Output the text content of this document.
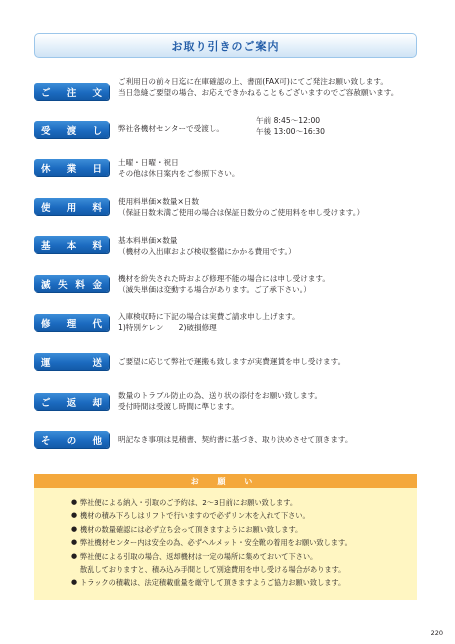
お取り引きのご案内
ご 注 文
ご利用日の前々日迄に在庫確認の上、書面(FAX可)にてご発注お願い致します。
当日急縫ご要望の場合、お応えできかねることもございますのでご容赦願います。
受 渡 し 弊社各機材センターで受渡し。
午前 8:45～12:00
午後 13:00～16:30
休 業 日
土曜・日曜・祝日
その他は休日案内をご参照下さい。
使 用 料
使用料単価×数量×日数
（保証日数未満ご使用の場合は保証日数分のご使用料を申し受けます。）
基 本 料 基本料単価×数量
（機材の入出庫および検収整備にかかる費用です。）
滅 失 料 金
機材を紛失された時および修理不能の場合には申し受けます。
（滅失単価は変動する場合があります。ご了承下さい。）
修 理 代
入庫検収時に下記の場合は実費ご請求申し上げます。
1)特別ケレン　　2)破損修理
運	送 ご要望に応じて弊社で運搬も致しますが実費運賃を申し受けます。
ご 返 却
数量のトラブル防止の為、送り状の添付をお願い致します。
受付時間は受渡し時間に準じます。
そ の 他 明記なき事項は見積書、契約書に基づき、取り決めさせて頂きます。
お 願 い
● 弊社便による納入・引取のご予約は、2～3日前にお願い致します。
● 機材の積み下ろしはリフトで行いますので必ずリン木を入れて下さい。
● 機材の数量確認には必ず立ち会って頂きますようにお願い致します。
● 弊社機材センター内は安全の為、必ずヘルメット・安全靴の着用をお願い致します。
● 弊社便による引取の場合、返却機材は一定の場所に集めておいて下さい。
散乱しておりますと、積み込み手間として別途費用を申し受ける場合があります。
● トラックの積載は、法定積載重量を厳守して頂きますようご協力お願い致します。
220
